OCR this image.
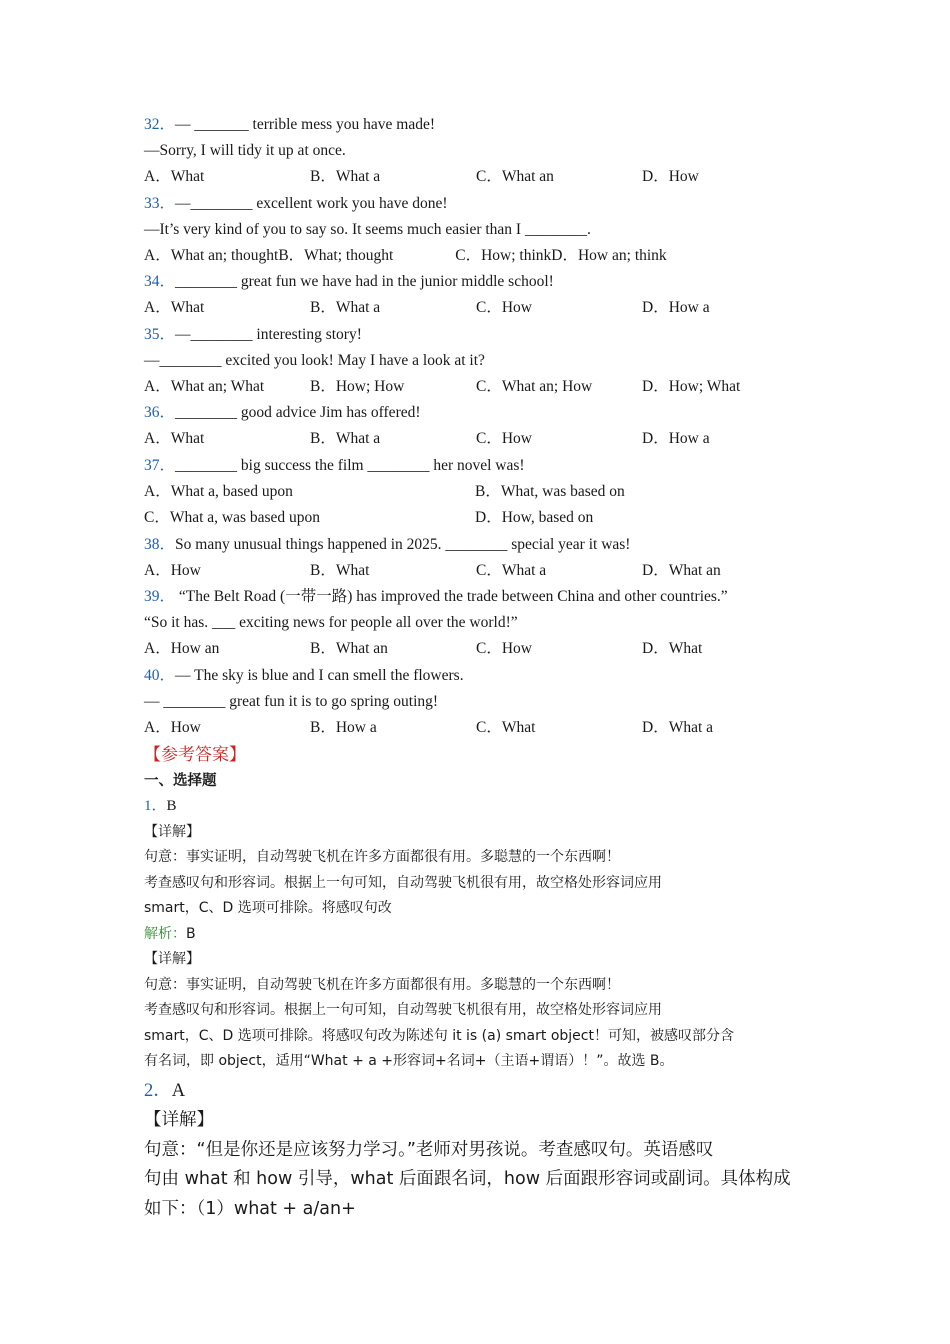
32．— _______ terrible mess you have made!
—Sorry, I will tidy it up at once.
A．What	B．What a	C．What an	D．How
33．—________ excellent work you have done!
—It’s very kind of you to say so. It seems much easier than I ________.
A．What an; thought B．What; thought	C．How; think D．How an; think
34．________ great fun we have had in the junior middle school!
A．What	B．What a	C．How	D．How a
35．—________ interesting story!
—________ excited you look! May I have a look at it?
A．What an; What	B．How; How	C．What an; How	D．How; What
36．________ good advice Jim has offered!
A．What	B．What a	C．How	D．How a
37．________ big success the film ________ her novel was!
A．What a, based upon	B．What, was based on
C．What a, was based upon	D．How, based on
38．So many unusual things happened in 2025. ________ special year it was!
A．How	B．What	C．What a	D．What an
39． “The Belt Road (一带一路) has improved the trade between China and other countries.”
“So it has. ___ exciting news for people all over the world!”
A．How an	B．What an	C．How	D．What
40．— The sky is blue and I can smell the flowers.
— ________ great fun it is to go spring outing!
A．How	B．How a	C．What	D．What a
【参考答案】
一、选择题
1．B
【详解】
句意：事实证明，自动驾驶飞机在许多方面都很有用。多聪慧的一个东西啊！
考查感叹句和形容词。根据上一句可知，自动驾驶飞机很有用，故空格处形容词应用
smart，C、D 选项可排除。将感叹句改
解析：B
【详解】
句意：事实证明，自动驾驶飞机在许多方面都很有用。多聪慧的一个东西啊！
考查感叹句和形容词。根据上一句可知，自动驾驶飞机很有用，故空格处形容词应用
smart，C、D 选项可排除。将感叹句改为陈述句 it is (a) smart object！可知，被感叹部分含
有名词，即 object，适用“What + a +形容词+名词+（主语+谓语）！”。故选 B。
2．A
【详解】
句意：“但是你还是应该努力学习。”老师对男孩说。考查感叹句。英语感叹
句由 what 和 how 引导，what 后面跟名词，how 后面跟形容词或副词。具体构成
如下：（1）what + a/an+
